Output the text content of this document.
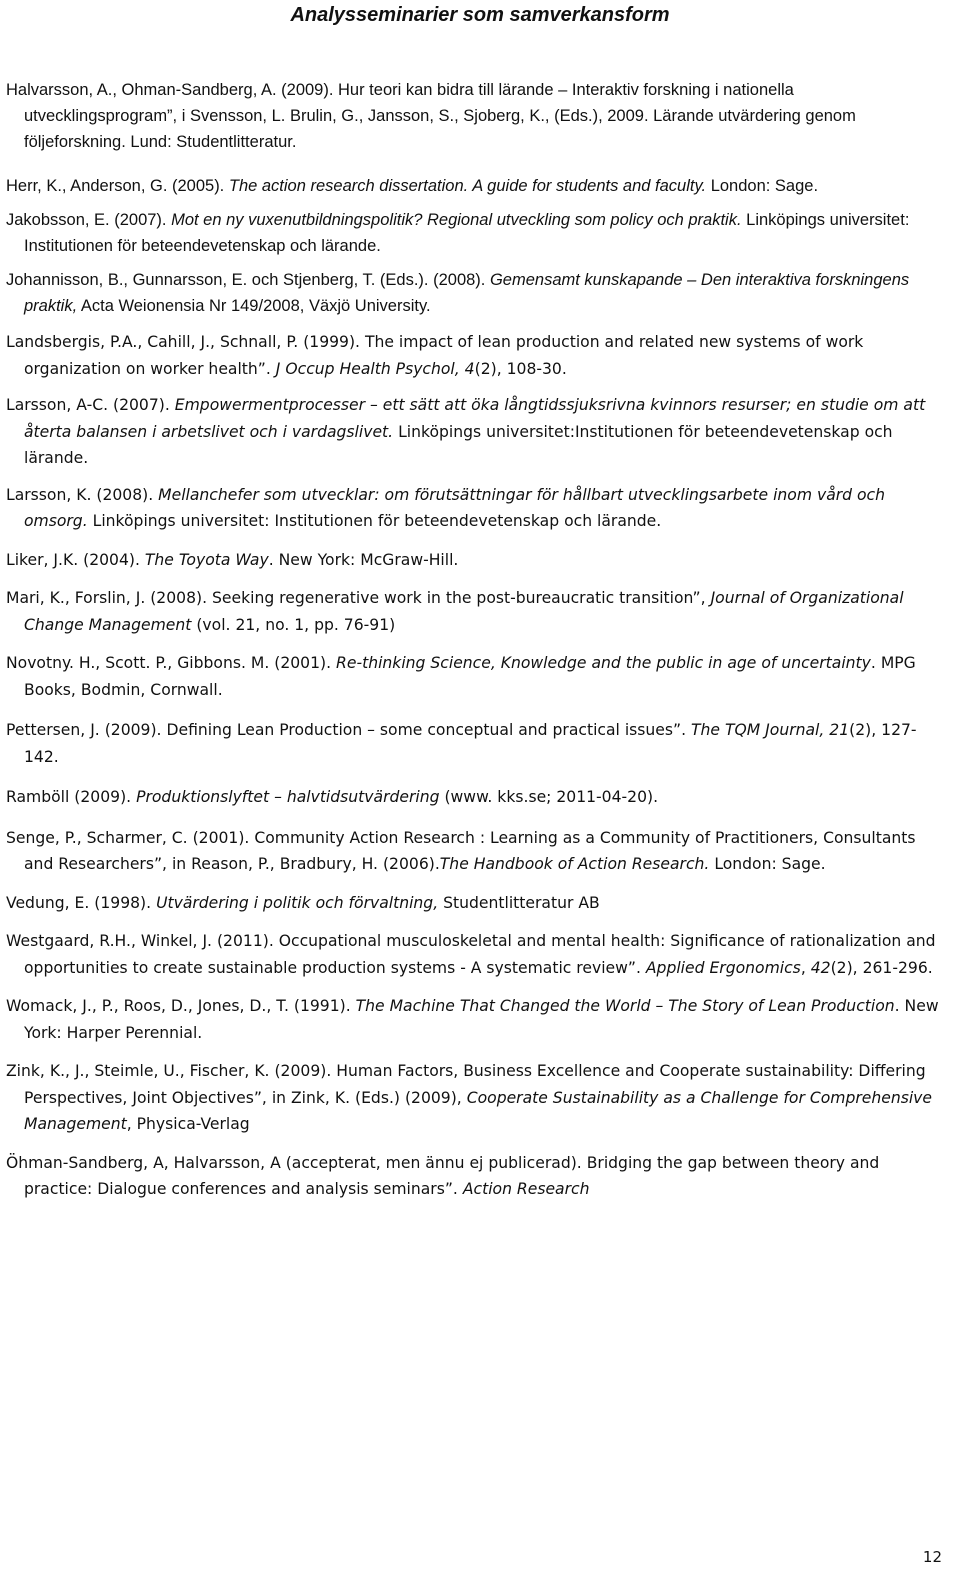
Analysseminarier som samverkansform
Halvarsson, A., Ohman-Sandberg, A. (2009). Hur teori kan bidra till lärande – Interaktiv forskning i nationella utvecklingsprogram”, i Svensson, L. Brulin, G., Jansson, S., Sjoberg, K., (Eds.), 2009. Lärande utvärdering genom följeforskning. Lund: Studentlitteratur.
Herr, K., Anderson, G. (2005). The action research dissertation. A guide for students and faculty. London: Sage.
Jakobsson, E. (2007). Mot en ny vuxenutbildningspolitik? Regional utveckling som policy och praktik. Linköpings universitet: Institutionen för beteendevetenskap och lärande.
Johannisson, B., Gunnarsson, E. och Stjenberg, T. (Eds.). (2008). Gemensamt kunskapande – Den interaktiva forskningens praktik, Acta Weionensia Nr 149/2008, Växjö University.
Landsbergis, P.A., Cahill, J., Schnall, P. (1999). The impact of lean production and related new systems of work organization on worker health”. J Occup Health Psychol, 4(2), 108-30.
Larsson, A-C. (2007). Empowermentprocesser – ett sätt att öka långtidssjuksrivna kvinnors resurser; en studie om att återta balansen i arbetslivet och i vardagslivet. Linköpings universitet:Institutionen för beteendevetenskap och lärande.
Larsson, K. (2008). Mellanchefer som utvecklar: om förutsättningar för hållbart utvecklingsarbete inom vård och omsorg. Linköpings universitet: Institutionen för beteendevetenskap och lärande.
Liker, J.K. (2004). The Toyota Way. New York: McGraw-Hill.
Mari, K., Forslin, J. (2008). Seeking regenerative work in the post-bureaucratic transition”, Journal of Organizational Change Management (vol. 21, no. 1, pp. 76-91)
Novotny. H., Scott. P., Gibbons. M. (2001). Re-thinking Science, Knowledge and the public in age of uncertainty. MPG Books, Bodmin, Cornwall.
Pettersen, J. (2009). Defining Lean Production – some conceptual and practical issues”. The TQM Journal, 21(2), 127-142.
Ramböll (2009). Produktionslyftet – halvtidsutvärdering (www. kks.se; 2011-04-20).
Senge, P., Scharmer, C. (2001). Community Action Research : Learning as a Community of Practitioners, Consultants and Researchers”, in Reason, P., Bradbury, H. (2006).The Handbook of Action Research. London: Sage.
Vedung, E. (1998). Utvärdering i politik och förvaltning, Studentlitteratur AB
Westgaard, R.H., Winkel, J. (2011). Occupational musculoskeletal and mental health: Significance of rationalization and opportunities to create sustainable production systems - A systematic review”. Applied Ergonomics, 42(2), 261-296.
Womack, J., P., Roos, D., Jones, D., T. (1991). The Machine That Changed the World – The Story of Lean Production. New York: Harper Perennial.
Zink, K., J., Steimle, U., Fischer, K. (2009). Human Factors, Business Excellence and Cooperate sustainability: Differing Perspectives, Joint Objectives”, in Zink, K. (Eds.) (2009), Cooperate Sustainability as a Challenge for Comprehensive Management, Physica-Verlag
Öhman-Sandberg, A, Halvarsson, A (accepterat, men ännu ej publicerad). Bridging the gap between theory and practice: Dialogue conferences and analysis seminars”. Action Research
12
